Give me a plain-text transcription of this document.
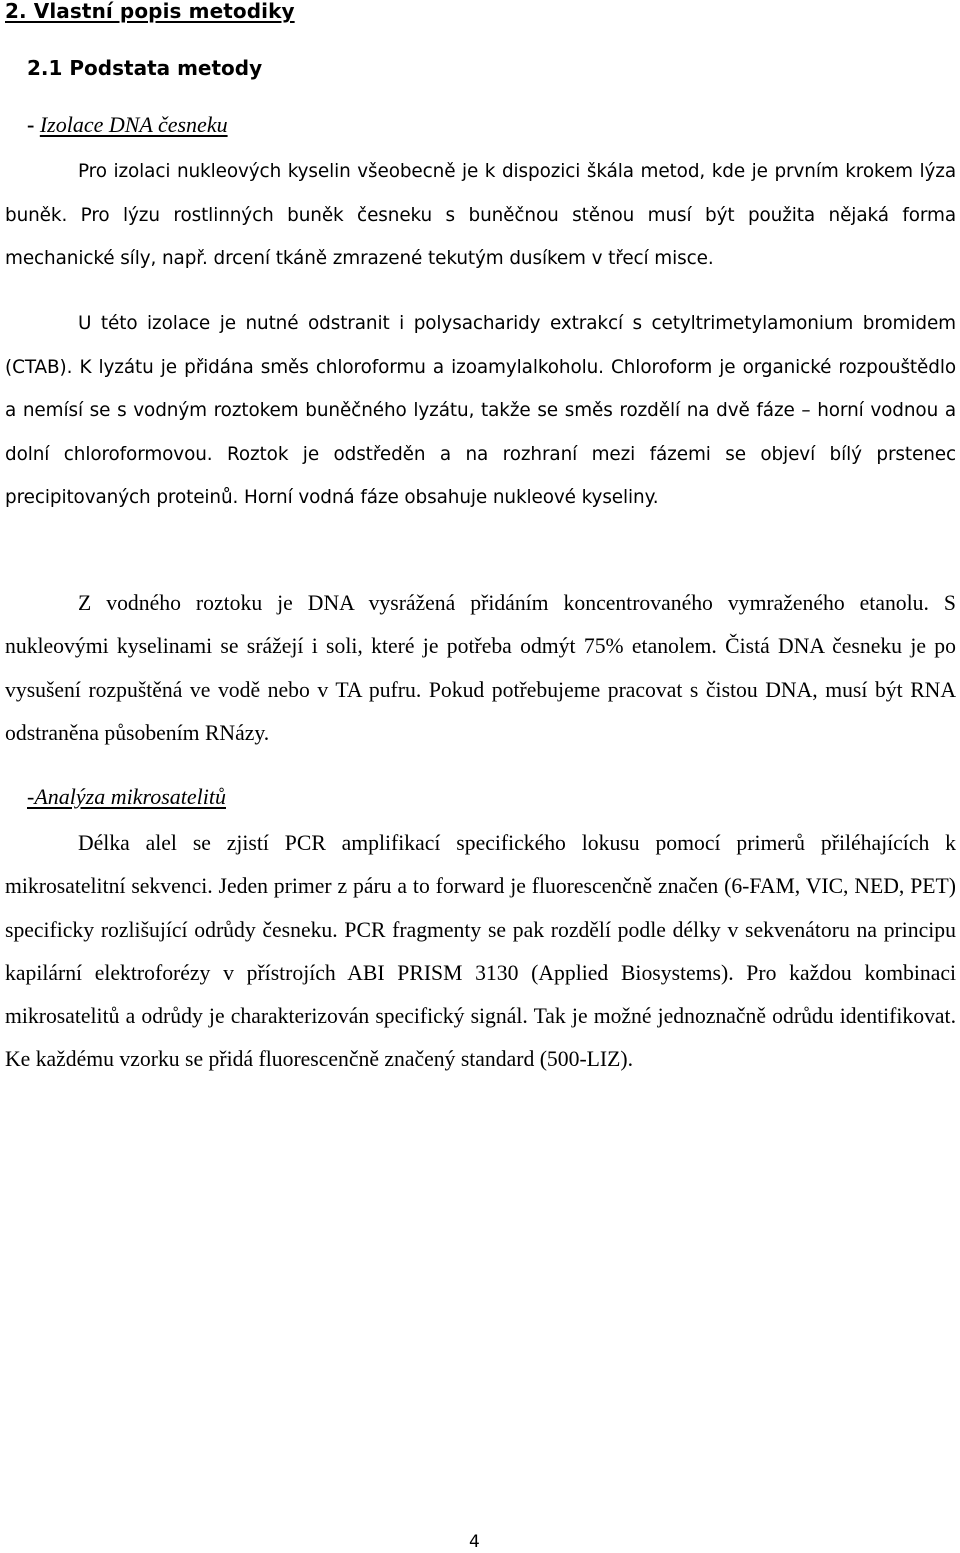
2. Vlastní popis metodiky
2.1 Podstata metody
- Izolace DNA česneku

Pro izolaci nukleových kyselin všeobecně je k dispozici škála metod, kde je prvním krokem lýza buněk. Pro lýzu rostlinných buněk česneku s buněčnou stěnou musí být použita nějaká forma mechanické síly, např. drcení tkáně zmrazené tekutým dusíkem v třecí misce.

U této izolace je nutné odstranit i polysacharidy extrakcí s cetyltrimetylamonium bromidem (CTAB). K lyzátu je přidána směs chloroformu a izoamylalkoholu. Chloroform je organické rozpouštědlo a nemísí se s vodným roztokem buněčného lyzátu, takže se směs rozdělí na dvě fáze – horní vodnou a dolní chloroformovou. Roztok je odstředěn a na rozhraní mezi fázemi se objeví bílý prstenec precipitovaných proteinů. Horní vodná fáze obsahuje nukleové kyseliny.

Z vodného roztoku je DNA vysrážená přidáním koncentrovaného vymraženého etanolu. S nukleovými kyselinami se srážejí i soli, které je potřeba odmýt 75% etanolem. Čistá DNA česneku je po vysušení rozpuštěná ve vodě nebo v TA pufru. Pokud potřebujeme pracovat s čistou DNA, musí být RNA odstraněna působením RNázy.

-Analýza mikrosatelitů

Délka alel se zjistí PCR amplifikací specifického lokusu pomocí primerů přiléhajících k mikrosatelitní sekvenci. Jeden primer z páru a to forward je fluorescenčně značen (6-FAM, VIC, NED, PET) specificky rozlišující odrůdy česneku. PCR fragmenty se pak rozdělí podle délky v sekvenátoru na principu kapilární elektroforézy v přístrojích ABI PRISM 3130 (Applied Biosystems). Pro každou kombinaci mikrosatelitů a odrůdy je charakterizován specifický signál. Tak je možné jednoznačně odrůdu identifikovat. Ke každému vzorku se přidá fluorescenčně značený standard (500-LIZ).

4
